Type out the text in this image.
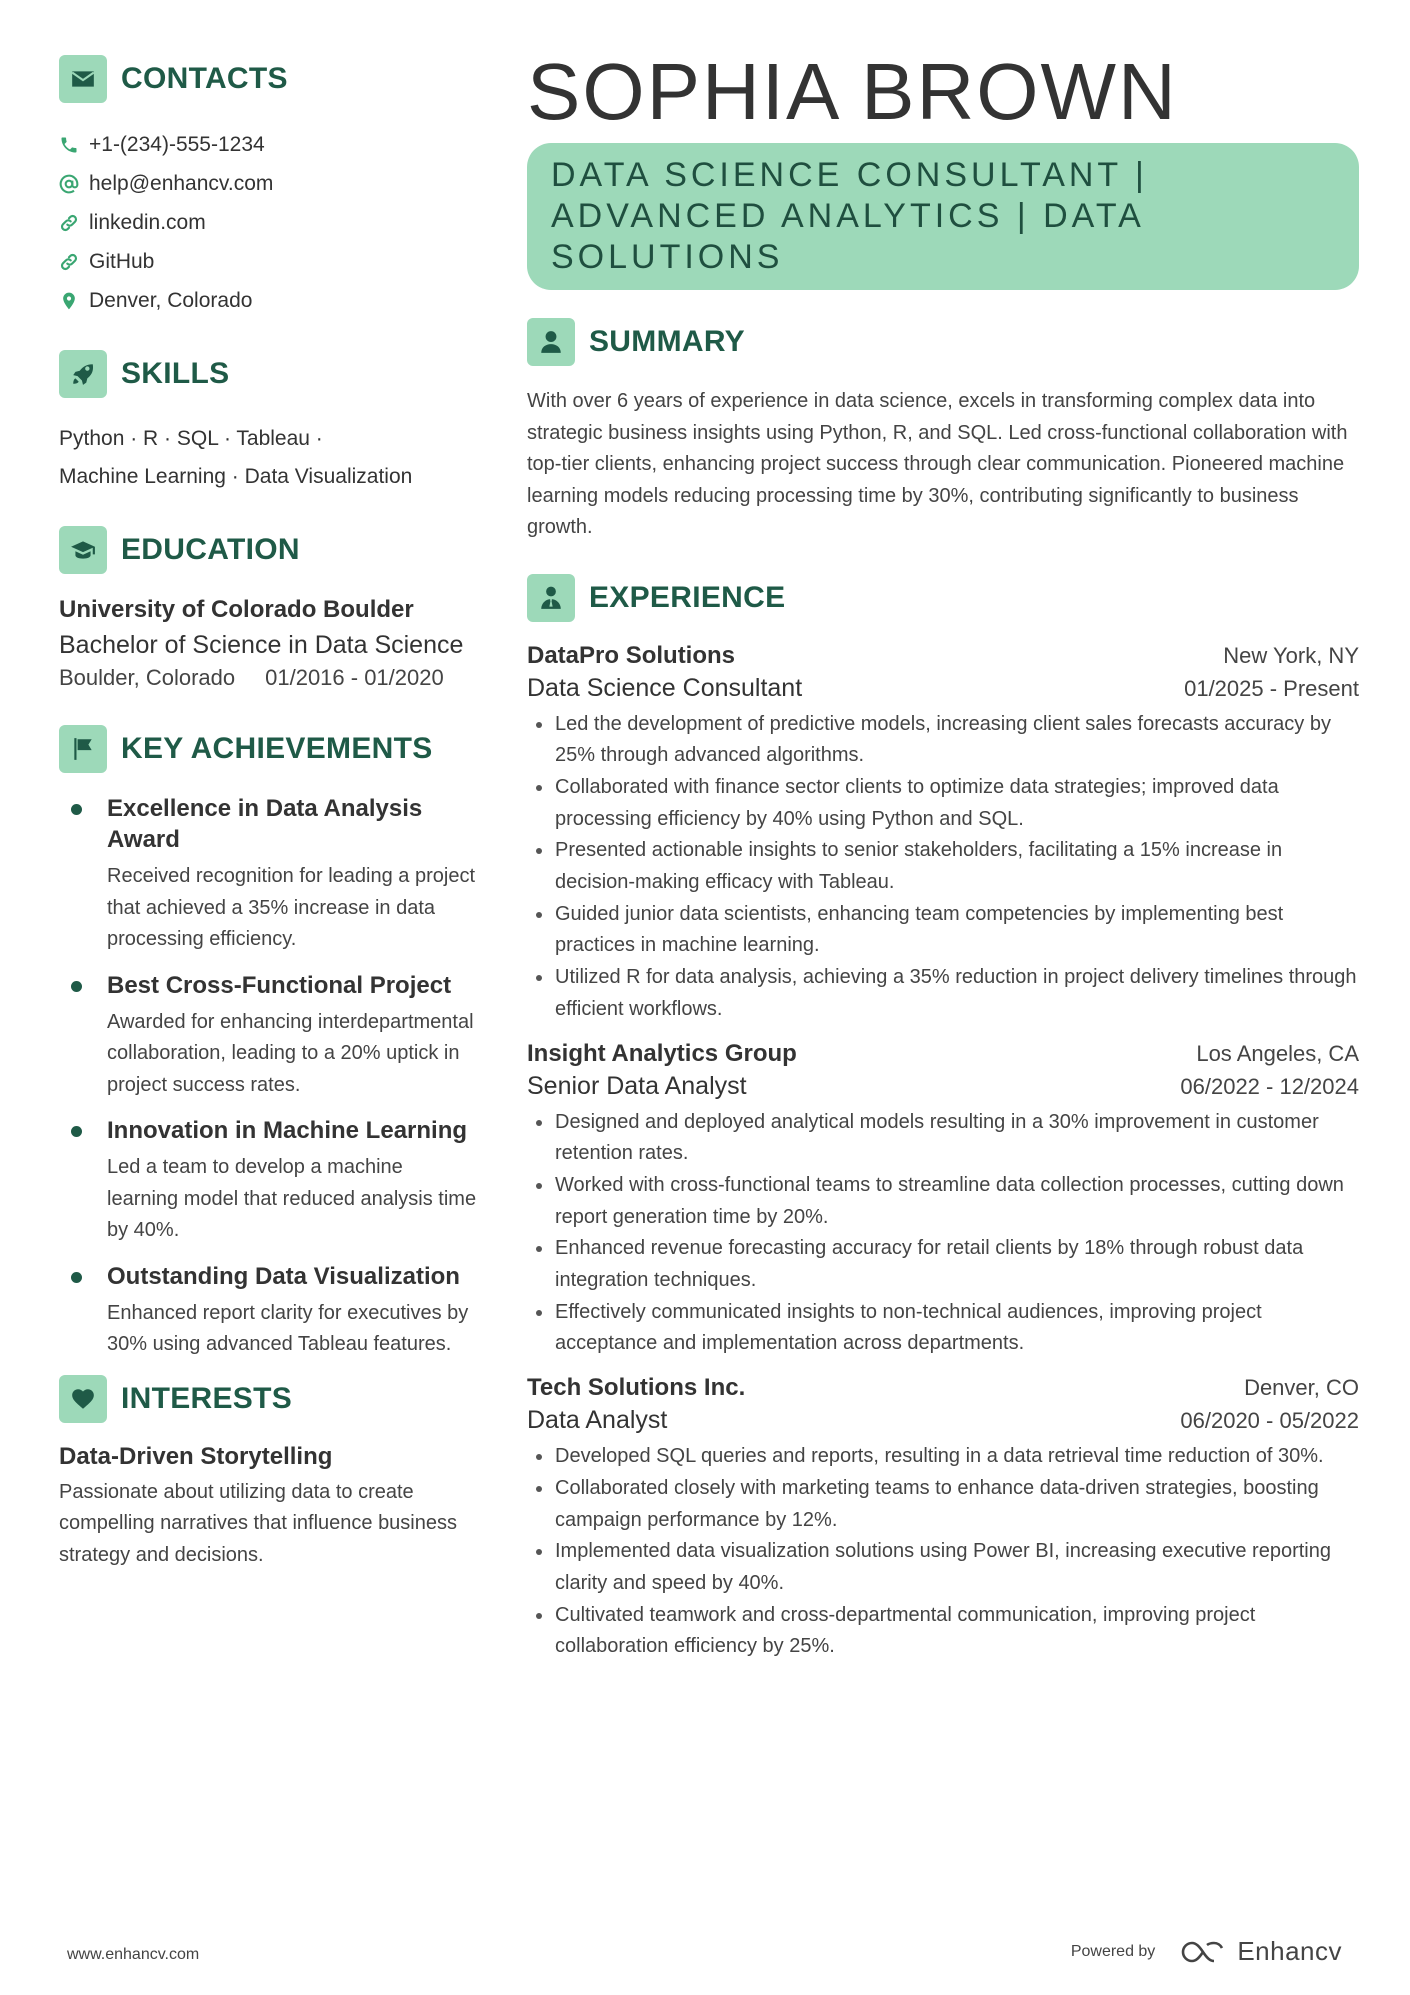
CONTACTS
+1-(234)-555-1234
help@enhancv.com
linkedin.com
GitHub
Denver, Colorado
SKILLS
Python · R · SQL · Tableau ·
Machine Learning · Data Visualization
EDUCATION
University of Colorado Boulder
Bachelor of Science in Data Science
Boulder, Colorado 01/2016 - 01/2020
KEY ACHIEVEMENTS
Excellence in Data Analysis Award
Received recognition for leading a project that achieved a 35% increase in data processing efficiency.
Best Cross-Functional Project
Awarded for enhancing interdepartmental collaboration, leading to a 20% uptick in project success rates.
Innovation in Machine Learning
Led a team to develop a machine learning model that reduced analysis time by 40%.
Outstanding Data Visualization
Enhanced report clarity for executives by 30% using advanced Tableau features.
INTERESTS
Data-Driven Storytelling
Passionate about utilizing data to create compelling narratives that influence business strategy and decisions.
SOPHIA BROWN
DATA SCIENCE CONSULTANT | ADVANCED ANALYTICS | DATA SOLUTIONS
SUMMARY
With over 6 years of experience in data science, excels in transforming complex data into strategic business insights using Python, R, and SQL. Led cross-functional collaboration with top-tier clients, enhancing project success through clear communication. Pioneered machine learning models reducing processing time by 30%, contributing significantly to business growth.
EXPERIENCE
DataPro Solutions	New York, NY
Data Science Consultant	01/2025 - Present
Led the development of predictive models, increasing client sales forecasts accuracy by 25% through advanced algorithms.
Collaborated with finance sector clients to optimize data strategies; improved data processing efficiency by 40% using Python and SQL.
Presented actionable insights to senior stakeholders, facilitating a 15% increase in decision-making efficacy with Tableau.
Guided junior data scientists, enhancing team competencies by implementing best practices in machine learning.
Utilized R for data analysis, achieving a 35% reduction in project delivery timelines through efficient workflows.
Insight Analytics Group	Los Angeles, CA
Senior Data Analyst	06/2022 - 12/2024
Designed and deployed analytical models resulting in a 30% improvement in customer retention rates.
Worked with cross-functional teams to streamline data collection processes, cutting down report generation time by 20%.
Enhanced revenue forecasting accuracy for retail clients by 18% through robust data integration techniques.
Effectively communicated insights to non-technical audiences, improving project acceptance and implementation across departments.
Tech Solutions Inc.	Denver, CO
Data Analyst	06/2020 - 05/2022
Developed SQL queries and reports, resulting in a data retrieval time reduction of 30%.
Collaborated closely with marketing teams to enhance data-driven strategies, boosting campaign performance by 12%.
Implemented data visualization solutions using Power BI, increasing executive reporting clarity and speed by 40%.
Cultivated teamwork and cross-departmental communication, improving project collaboration efficiency by 25%.
www.enhancv.com	Powered by	Enhancv
